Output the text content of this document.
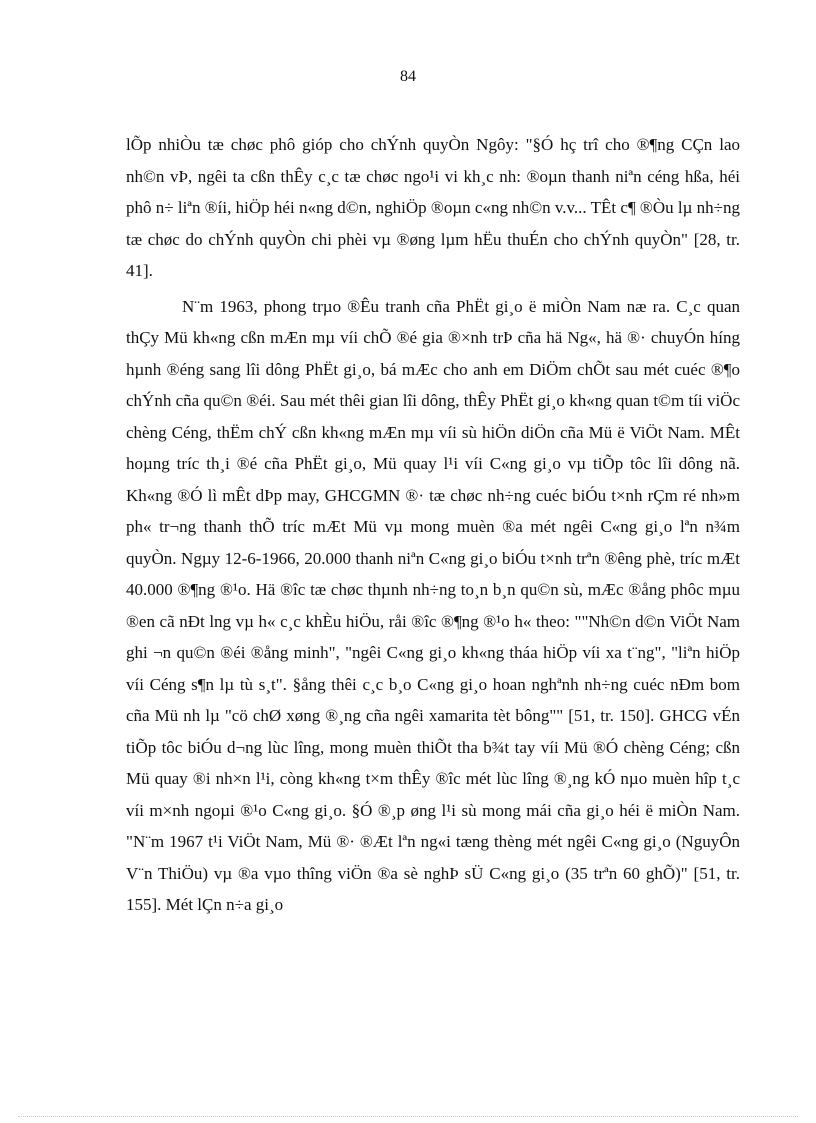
84

lÕp nhiÒu tæ chøc phô gióp cho chÝnh quyÒn Ngôy: "§Ó hç trî cho ®¶ng CÇn lao nh©n vÞ, ngêi ta cßn thÊy c¸c tæ chøc ngo¹i vi kh¸c nh: ®oµn thanh niªn céng hßa, héi phô n÷ liªn ®íi, hiÖp héi n«ng d©n, nghiÖp ®oµn c«ng nh©n v.v... TÊt c¶ ®Òu lµ nh÷ng tæ chøc do chÝnh quyÒn chi phèi vµ ®øng lµm hËu thuÉn cho chÝnh quyÒn" [28, tr. 41].

N¨m 1963, phong trµo ®Êu tranh cña PhËt gi¸o ë miÒn Nam næ ra. C¸c quan thÇy Mü kh«ng cßn mÆn mµ víi chÕ ®é gia ®×nh trÞ cña hä Ng«, hä ®· chuyÓn híng hµnh ®éng sang lîi dông PhËt gi¸o, bá mÆc cho anh em DiÖm chÕt sau mét cuéc ®¶o chÝnh cña qu©n ®éi. Sau mét thêi gian lîi dông, thÊy PhËt gi¸o kh«ng quan t©m tíi viÖc chèng Céng, thËm chÝ cßn kh«ng mÆn mµ víi sù hiÖn diÖn cña Mü ë ViÖt Nam. MÊt hoµng tríc th¸i ®é cña PhËt gi¸o, Mü quay l¹i víi C«ng gi¸o vµ tiÕp tôc lîi dông nã. Kh«ng ®Ó lì mÊt dÞp may, GHCGMN ®· tæ chøc nh÷ng cuéc biÓu t×nh rÇm ré nh»m ph« tr¬ng thanh thÕ tríc mÆt Mü vµ mong muèn ®a mét ngêi C«ng gi¸o lªn n¾m quyÒn. Ngµy 12-6-1966, 20.000 thanh niªn C«ng gi¸o biÓu t×nh trªn ®êng phè, tríc mÆt 40.000 ®¶ng ®¹o. Hä ®îc tæ chøc thµnh nh÷ng to¸n b¸n qu©n sù, mÆc ®ång phôc mµu ®en cã nÐt lng vµ h« c¸c khÈu hiÖu, råi ®îc ®¶ng ®¹o h« theo: ""Nh©n d©n ViÖt Nam ghi ¬n qu©n ®éi ®ång minh", "ngêi C«ng gi¸o kh«ng tháa hiÖp víi xa t¨ng", "liªn hiÖp víi Céng s¶n lµ tù s¸t". §ång thêi c¸c b¸o C«ng gi¸o hoan nghªnh nh÷ng cuéc nÐm bom cña Mü nh lµ "cö chØ xøng ®¸ng cña ngêi xamarita tèt bông"" [51, tr. 150]. GHCG vÉn tiÕp tôc biÓu d¬ng lùc lîng, mong muèn thiÕt tha b¾t tay víi Mü ®Ó chèng Céng; cßn Mü quay ®i nh×n l¹i, còng kh«ng t×m thÊy ®îc mét lùc lîng ®¸ng kÓ nµo muèn hîp t¸c víi m×nh ngoµi ®¹o C«ng gi¸o. §Ó ®¸p øng l¹i sù mong mái cña gi¸o héi ë miÒn Nam. "N¨m 1967 t¹i ViÖt Nam, Mü ®· ®Æt lªn ng«i tæng thèng mét ngêi C«ng gi¸o (NguyÔn V¨n ThiÖu) vµ ®a vµo thîng viÖn ®a sè nghÞ sÜ C«ng gi¸o (35 trªn 60 ghÕ)" [51, tr. 155]. Mét lÇn n÷a gi¸o
